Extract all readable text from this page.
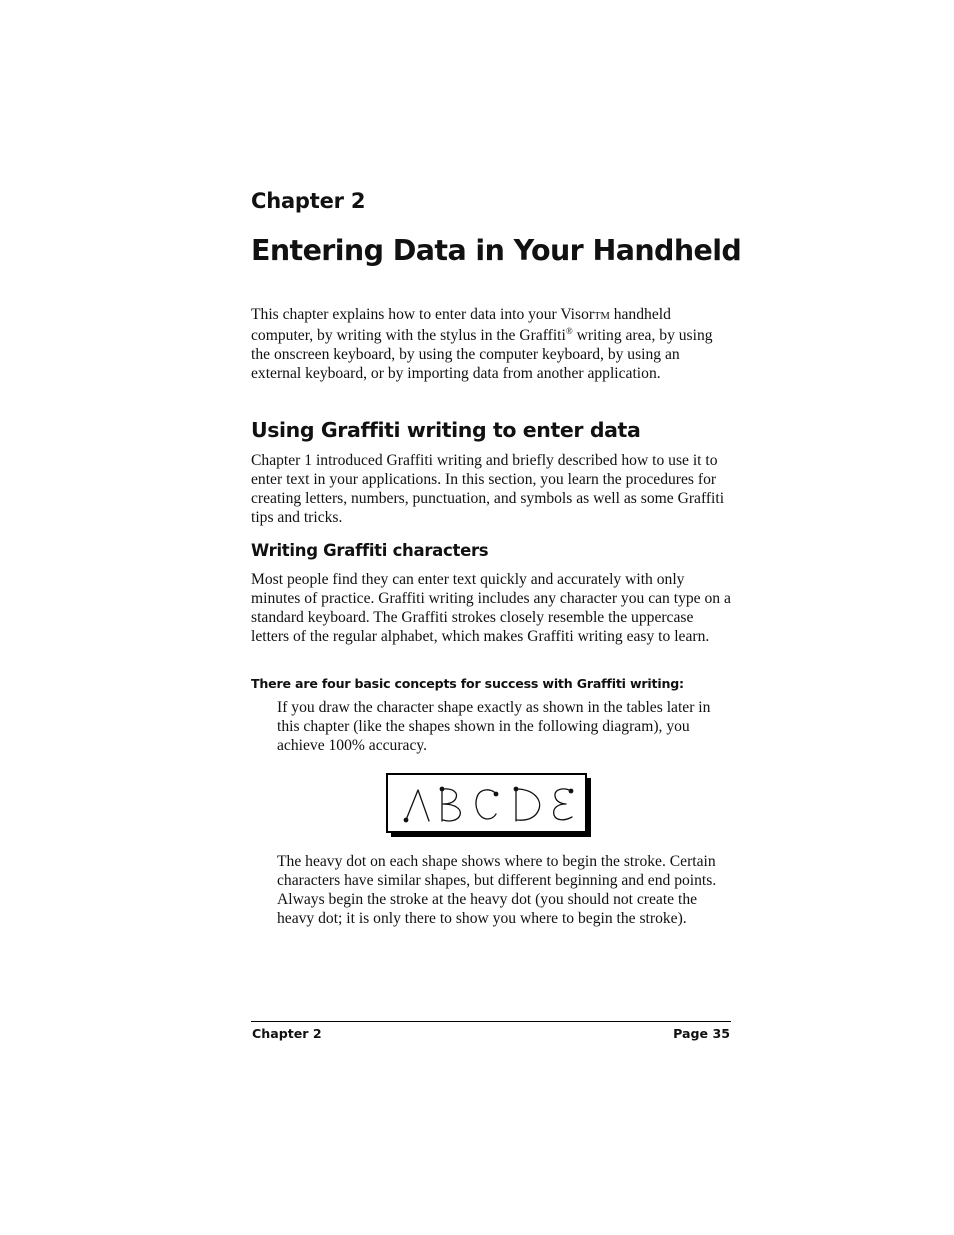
Chapter 2
Entering Data in Your Handheld

This chapter explains how to enter data into your VisorTM handheld computer, by writing with the stylus in the Graffiti® writing area, by using the onscreen keyboard, by using the computer keyboard, by using an external keyboard, or by importing data from another application.

Using Graffiti writing to enter data

Chapter 1 introduced Graffiti writing and briefly described how to use it to enter text in your applications. In this section, you learn the procedures for creating letters, numbers, punctuation, and symbols as well as some Graffiti tips and tricks.

Writing Graffiti characters

Most people find they can enter text quickly and accurately with only minutes of practice. Graffiti writing includes any character you can type on a standard keyboard. The Graffiti strokes closely resemble the uppercase letters of the regular alphabet, which makes Graffiti writing easy to learn.

There are four basic concepts for success with Graffiti writing:

If you draw the character shape exactly as shown in the tables later in this chapter (like the shapes shown in the following diagram), you achieve 100% accuracy.

The heavy dot on each shape shows where to begin the stroke. Certain characters have similar shapes, but different beginning and end points. Always begin the stroke at the heavy dot (you should not create the heavy dot; it is only there to show you where to begin the stroke).

Chapter 2	Page 35
